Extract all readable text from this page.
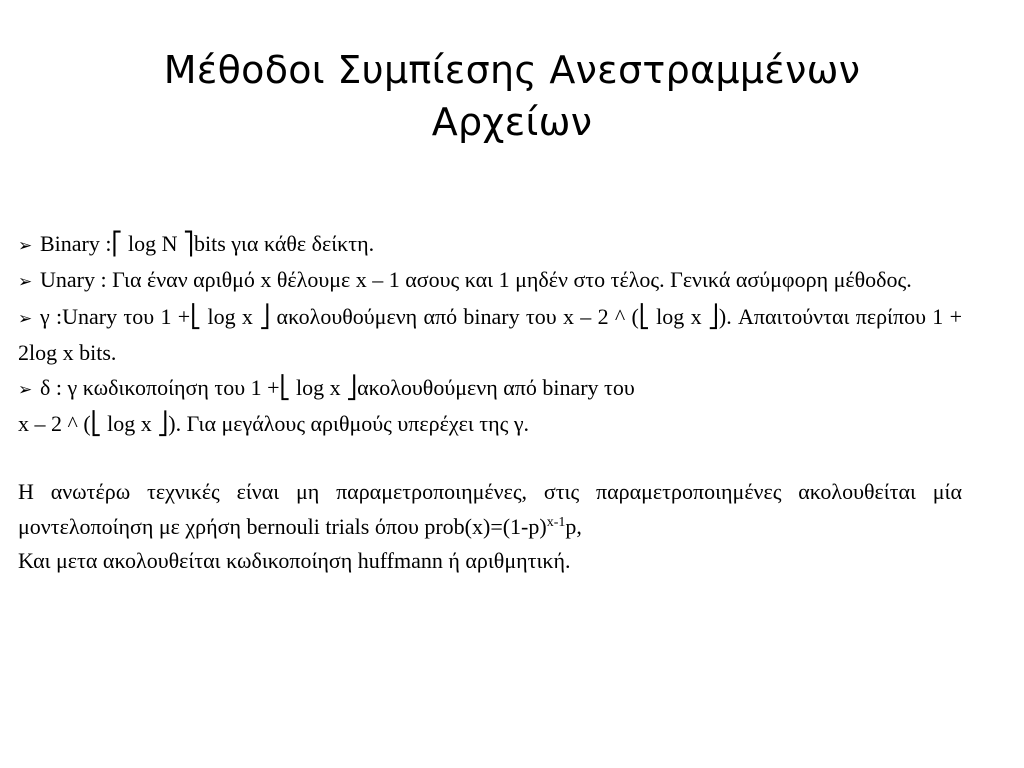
Μέθοδοι Συμπίεσης Ανεστραμμένων
Αρχείων

➢ Binary :⎡ log N ⎤bits για κάθε δείκτη.

➢ Unary : Για έναν αριθμό x θέλουμε x – 1 ασους και 1 μηδέν στο τέλος. Γενικά ασύμφορη μέθοδος.

➢ γ :Unary του 1 +⎣ log x ⎦ ακολουθούμενη από binary του x – 2 ^ (⎣ log x ⎦). Απαιτούνται περίπου 1 + 2log x bits.

➢ δ : γ κωδικοποίηση του 1 +⎣ log x ⎦ακολουθούμενη από binary του
x – 2 ^ (⎣ log x ⎦). Για μεγάλους αριθμούς υπερέχει της γ.

Η ανωτέρω τεχνικές είναι μη παραμετροποιημένες, στις παραμετροποιημένες ακολουθείται μία μοντελοποίηση με χρήση bernouli trials όπου $prob(x)=(1-p)^{x-1}p$,

Και μετα ακολουθείται κωδικοποίηση huffmann ή αριθμητική.
